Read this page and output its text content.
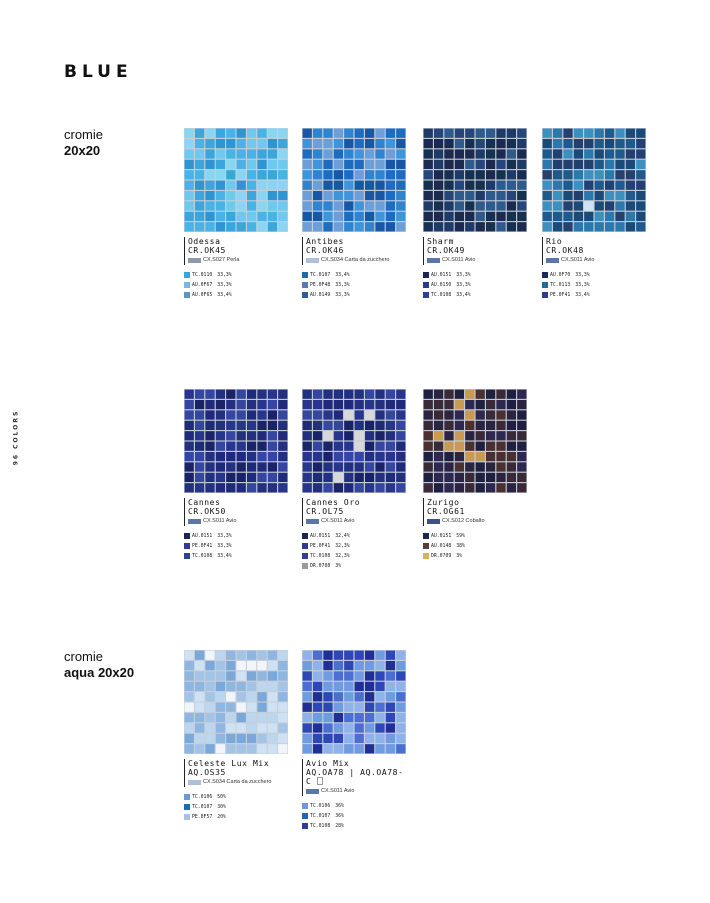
BLUE
96 COLORS
cromie
20x20
cromie
aqua 20x20
Odessa
CR.OK45
CX.S027 Perla
TC.0110 33,3%
AU.0F67 33,3%
AU.0F65 33,4%
Antibes
CR.OK46
CX.S034 Carta da zucchero
TC.0107 33,4%
PE.0F48 33,3%
AU.0149 33,3%
Sharm
CR.OK49
CX.S011 Avio
AU.0151 33,3%
AU.0150 33,3%
TC.0108 33,4%
Rio
CR.OK48
CX.S011 Avio
AU.0F70 33,3%
TC.0113 33,3%
PE.0F41 33,4%
Cannes
CR.OK50
CX.S011 Avio
AU.0151 33,3%
PE.0F41 33,3%
TC.0108 33,4%
Cannes Oro
CR.OL75
CX.S011 Avio
AU.0151 32,4%
PE.0F41 32,3%
TC.0108 32,3%
DR.0708 3%
Zurigo
CR.OG61
CX.S012 Cobalto
AU.0151 59%
AU.0148 38%
DR.0709 3%
Celeste Lux Mix
AQ.OS35
CX.S034 Carta da zucchero
TC.0106 50%
TC.0107 30%
PE.0F57 20%
Avio Mix
AQ.OA78 | AQ.OA78-C
CX.S011 Avio
TC.0106 36%
TC.0107 36%
TC.0108 28%
